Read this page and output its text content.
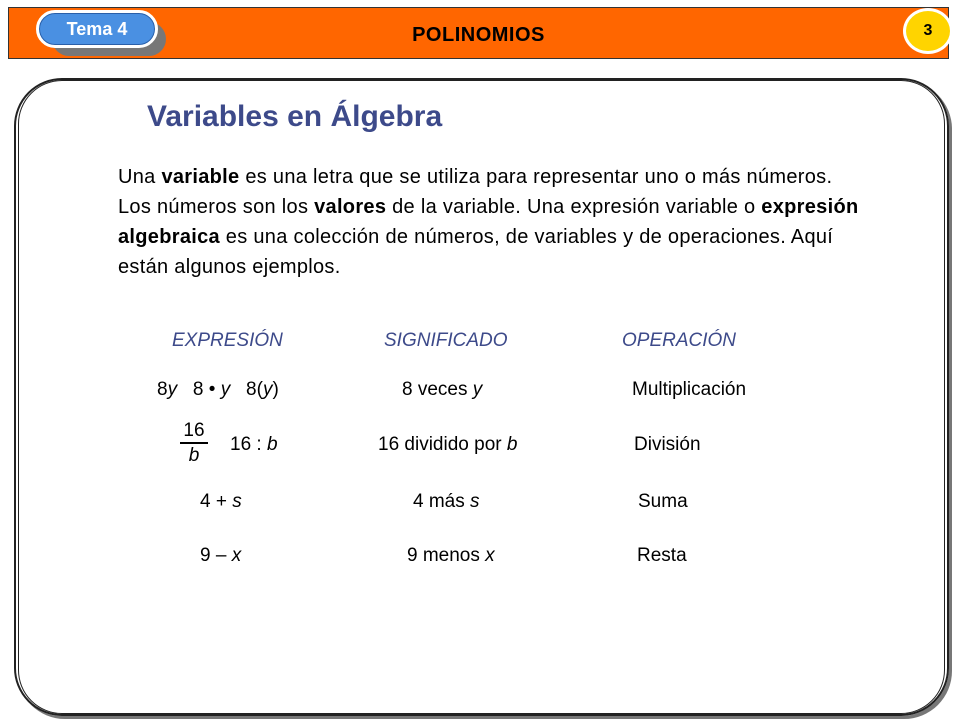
POLINOMIOS
Tema 4	3
Variables en Álgebra
Una variable es una letra que se utiliza para representar uno o más números. Los números son los valores de la variable. Una expresión variable o expresión algebraica es una colección de números, de variables y de operaciones. Aquí están algunos ejemplos.
EXPRESIÓN	SIGNIFICADO	OPERACIÓN
8y   8 • y   8(y)	8 veces y	Multiplicación
$\frac{16}{b} 16$ : b	16 dividido por b	División
4 + s	4 más s	Suma
9 – x	9 menos x	Resta
